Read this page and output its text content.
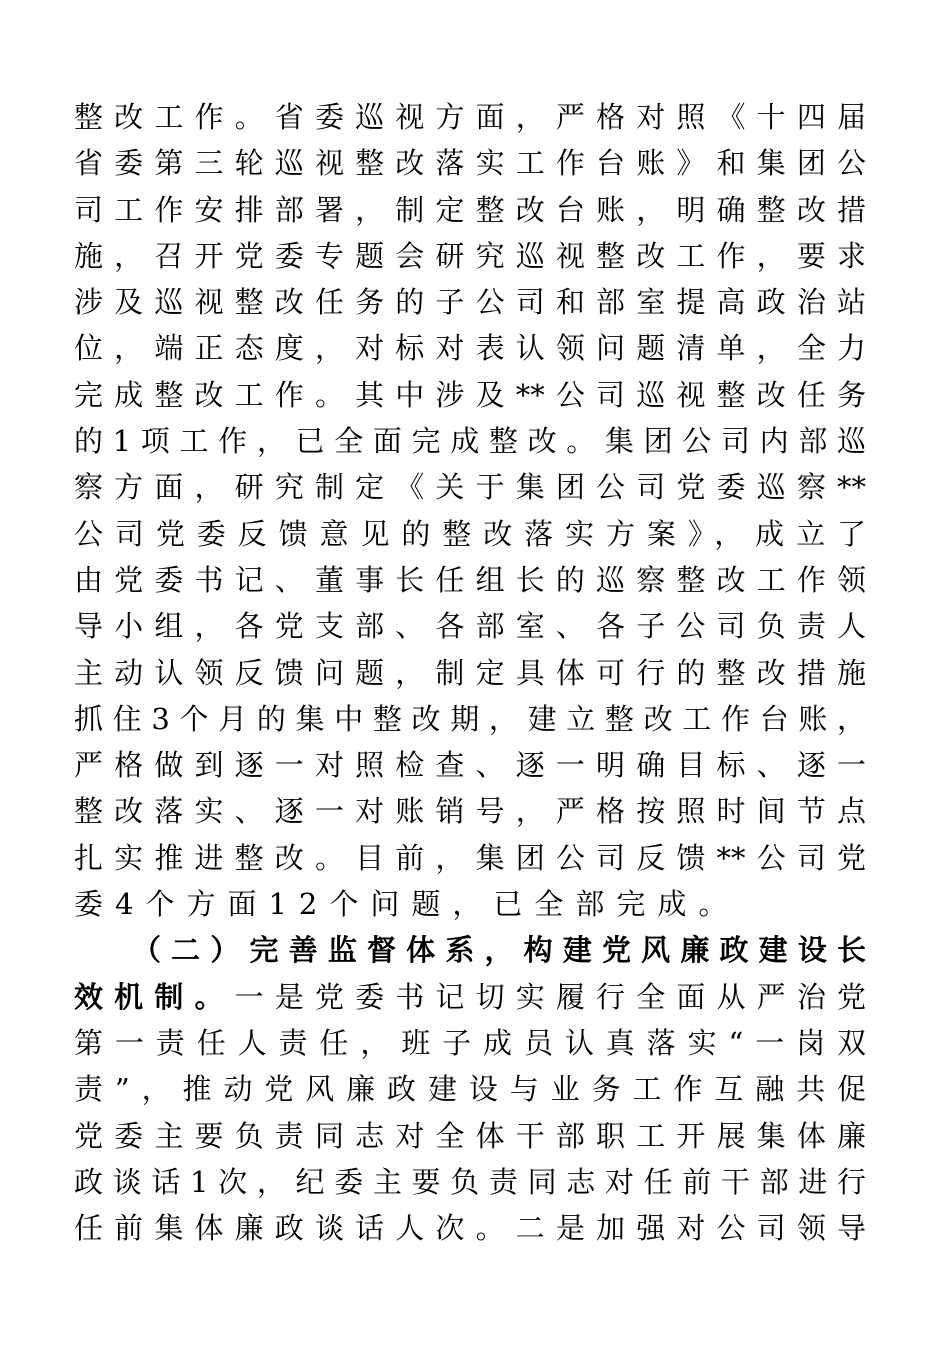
整改工作。省委巡视方面，严格对照《十四届
省委第三轮巡视整改落实工作台账》和集团公
司工作安排部署，制定整改台账，明确整改措
施，召开党委专题会研究巡视整改工作，要求
涉及巡视整改任务的子公司和部室提高政治站
位，端正态度，对标对表认领问题清单，全力
完成整改工作。其中涉及**公司巡视整改任务
的1项工作，已全面完成整改。集团公司内部巡
察方面，研究制定《关于集团公司党委巡察**
公司党委反馈意见的整改落实方案》，成立了
由党委书记、董事长任组长的巡察整改工作领
导小组，各党支部、各部室、各子公司负责人
主动认领反馈问题，制定具体可行的整改措施
抓住3个月的集中整改期，建立整改工作台账，
严格做到逐一对照检查、逐一明确目标、逐一
整改落实、逐一对账销号，严格按照时间节点
扎实推进整改。目前，集团公司反馈**公司党
委4个方面12个问题，已全部完成。
（二）完善监督体系，构建党风廉政建设长
效机制。一是党委书记切实履行全面从严治党
第一责任人责任，班子成员认真落实“一岗双
责”，推动党风廉政建设与业务工作互融共促
党委主要负责同志对全体干部职工开展集体廉
政谈话1次，纪委主要负责同志对任前干部进行
任前集体廉政谈话人次。二是加强对公司领导
